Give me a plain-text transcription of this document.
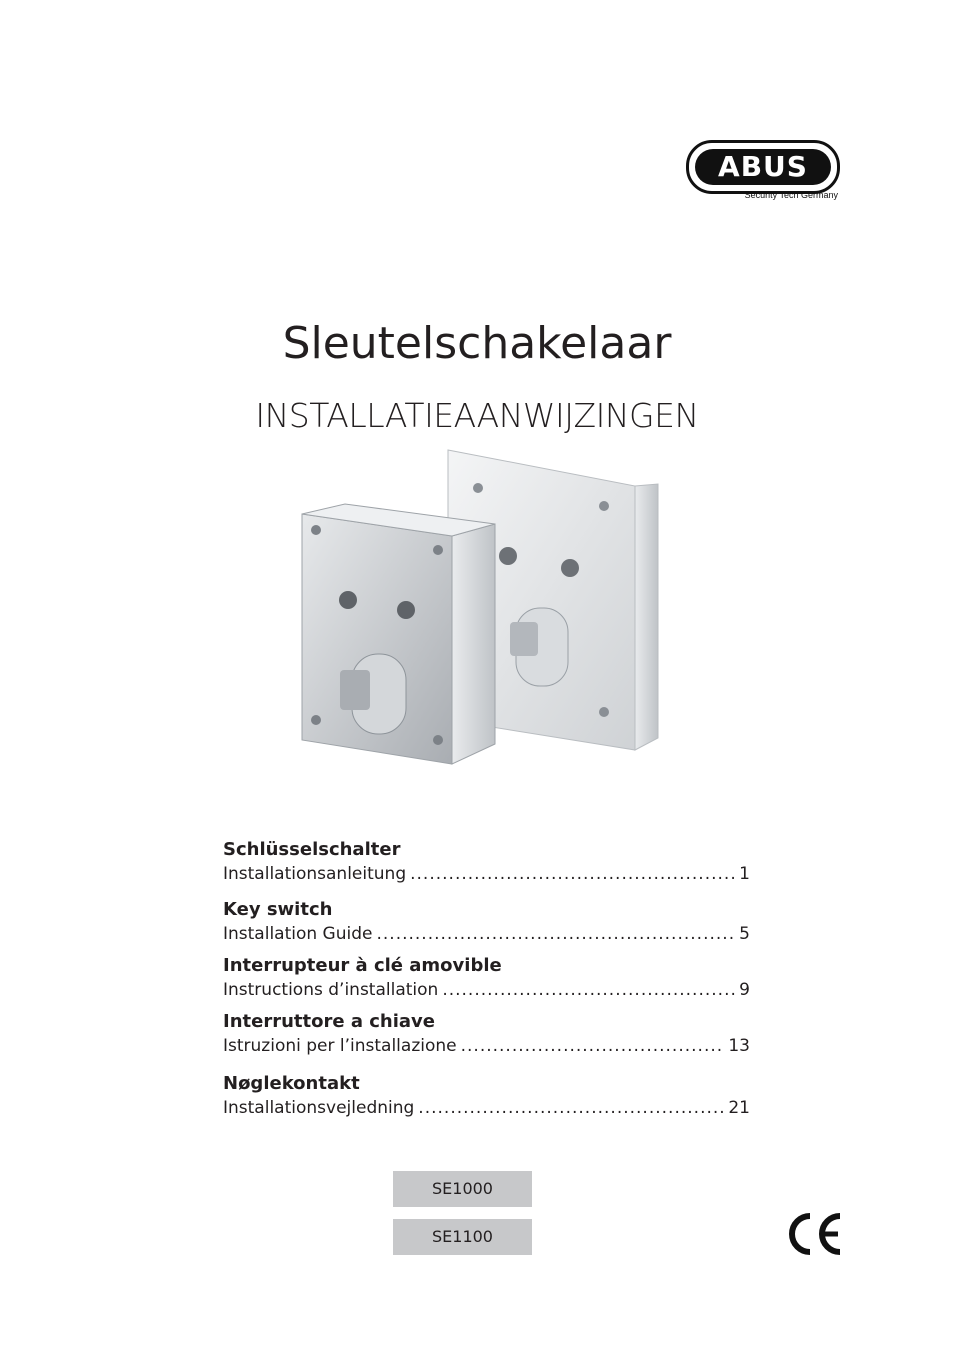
ABUS
Security Tech Germany
Sleutelschakelaar
INSTALLATIEAANWIJZINGEN
Schlüsselschalter
Installationsanleitung .....	1
Key switch
Installation Guide .....	5
Interrupteur à clé amovible
Instructions d’installation .....	9
Interruttore a chiave
Istruzioni per l’installazione .....	13
Nøglekontakt
Installationsvejledning .....	21
SE1000
SE1100
